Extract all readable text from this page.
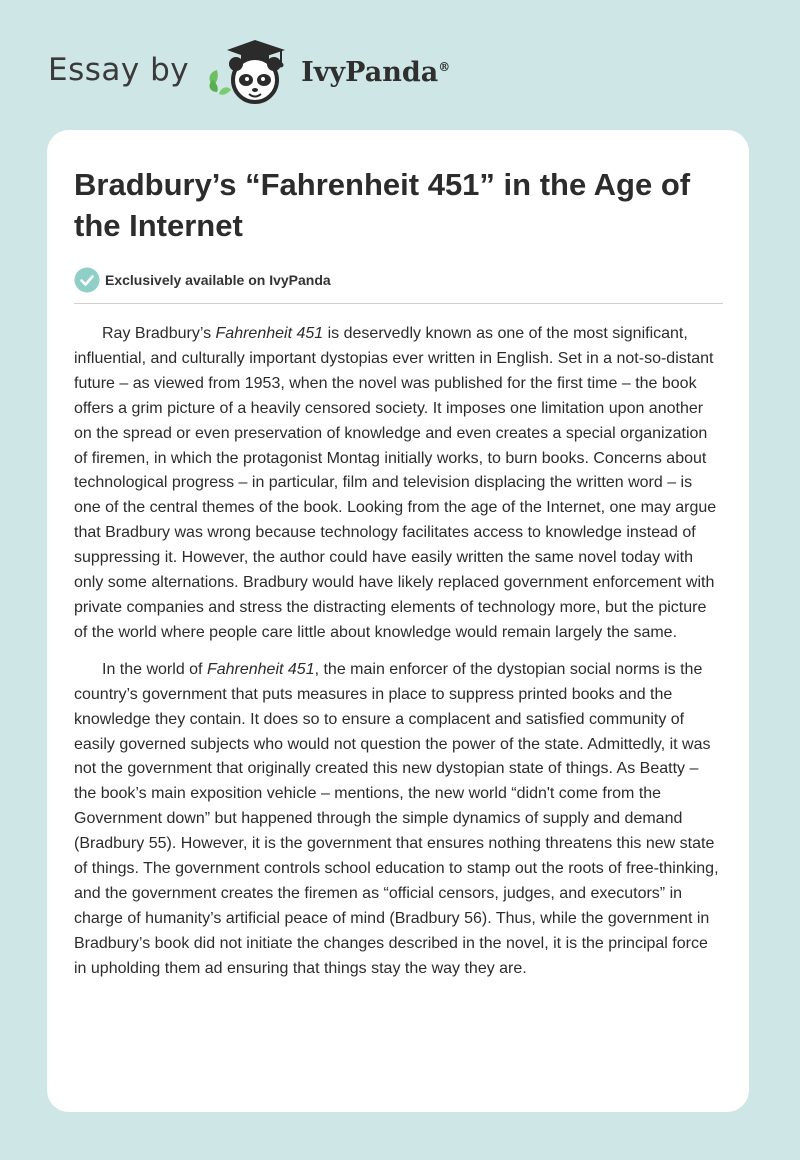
Essay by	IvyPanda®
Bradbury’s “Fahrenheit 451” in the Age of the Internet
Exclusively available on IvyPanda

Ray Bradbury’s Fahrenheit 451 is deservedly known as one of the most significant, influential, and culturally important dystopias ever written in English. Set in a not-so-distant future – as viewed from 1953, when the novel was published for the first time – the book offers a grim picture of a heavily censored society. It imposes one limitation upon another on the spread or even preservation of knowledge and even creates a special organization of firemen, in which the protagonist Montag initially works, to burn books. Concerns about technological progress – in particular, film and television displacing the written word – is one of the central themes of the book. Looking from the age of the Internet, one may argue that Bradbury was wrong because technology facilitates access to knowledge instead of suppressing it. However, the author could have easily written the same novel today with only some alternations. Bradbury would have likely replaced government enforcement with private companies and stress the distracting elements of technology more, but the picture of the world where people care little about knowledge would remain largely the same.

In the world of Fahrenheit 451, the main enforcer of the dystopian social norms is the country’s government that puts measures in place to suppress printed books and the knowledge they contain. It does so to ensure a complacent and satisfied community of easily governed subjects who would not question the power of the state. Admittedly, it was not the government that originally created this new dystopian state of things. As Beatty – the book’s main exposition vehicle – mentions, the new world “didn't come from the Government down” but happened through the simple dynamics of supply and demand (Bradbury 55). However, it is the government that ensures nothing threatens this new state of things. The government controls school education to stamp out the roots of free-thinking, and the government creates the firemen as “official censors, judges, and executors” in charge of humanity’s artificial peace of mind (Bradbury 56). Thus, while the government in Bradbury’s book did not initiate the changes described in the novel, it is the principal force in upholding them ad ensuring that things stay the way they are.
